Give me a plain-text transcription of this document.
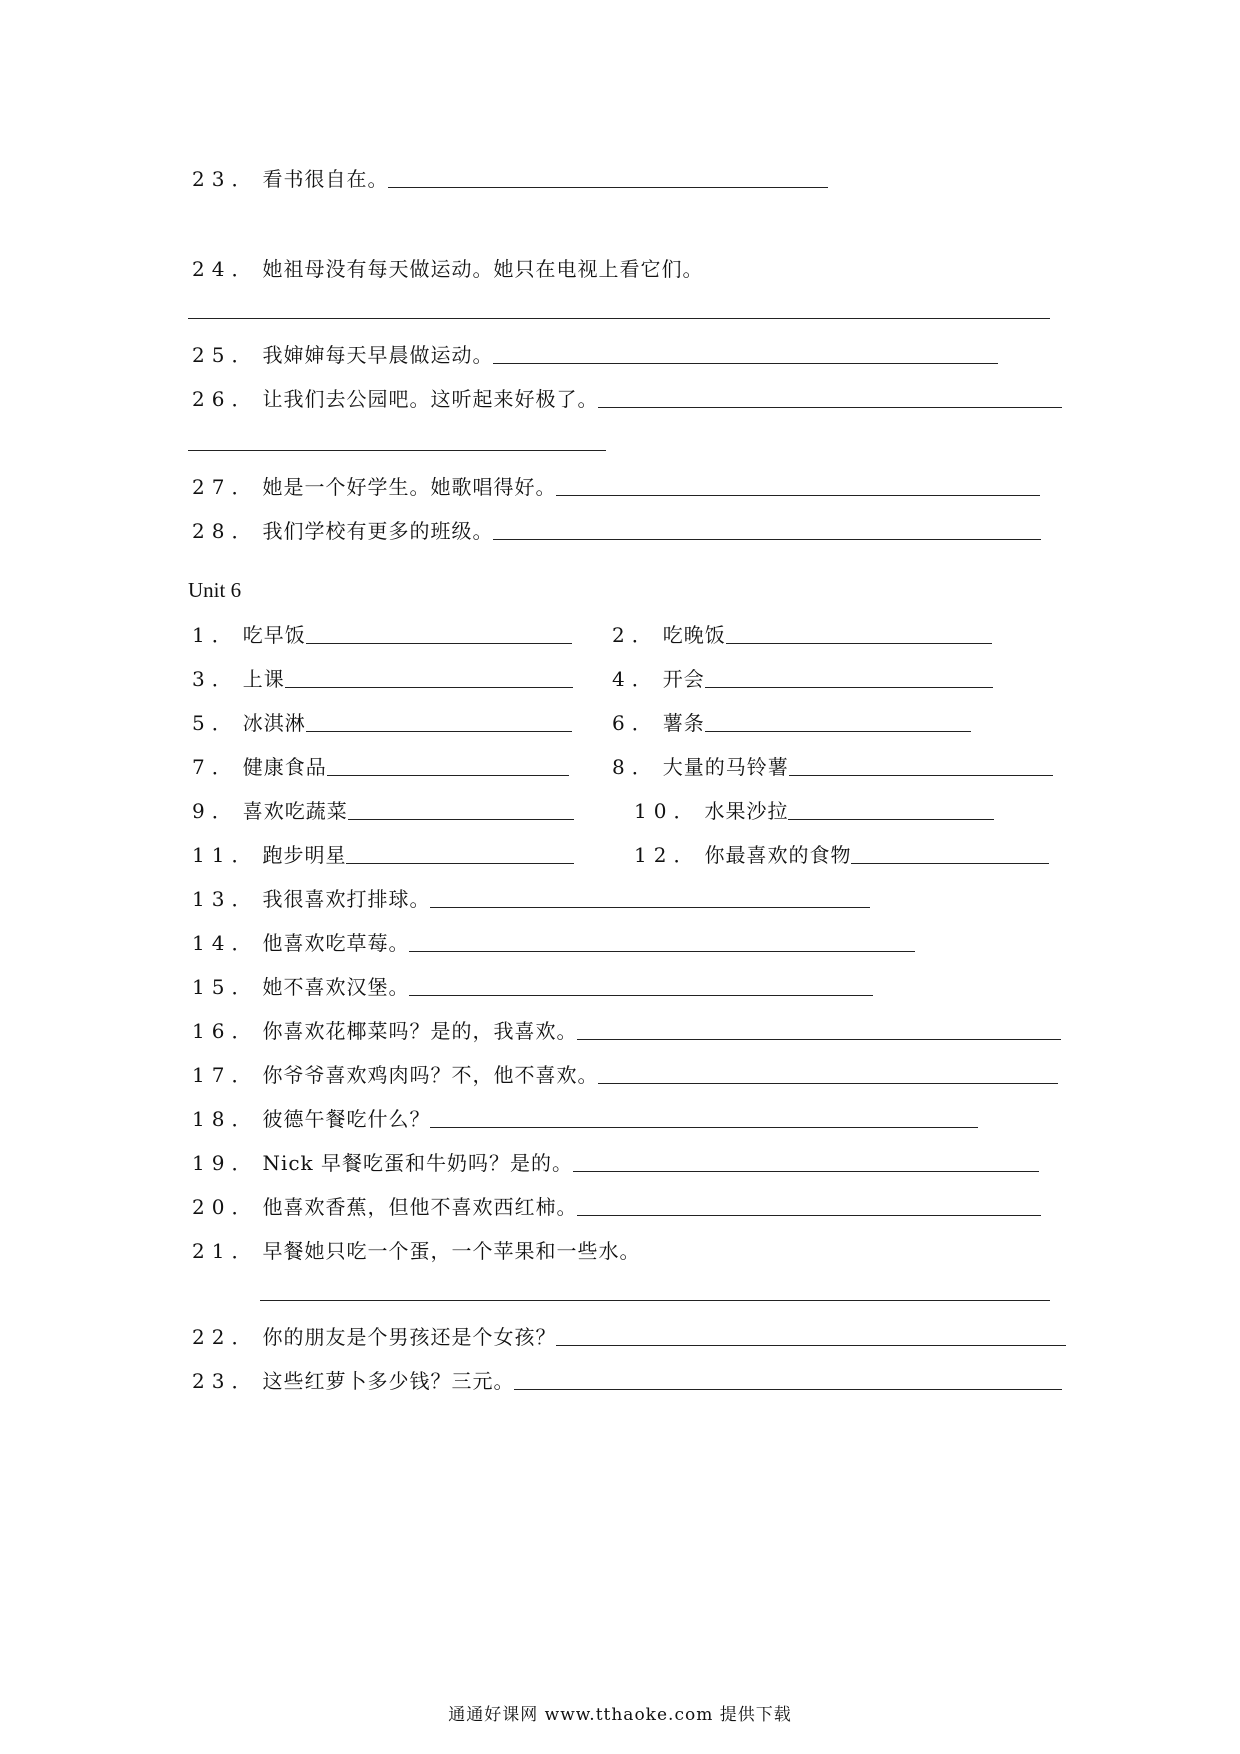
23． 看书很自在。
24． 她祖母没有每天做运动。她只在电视上看它们。
25． 我婶婶每天早晨做运动。
26． 让我们去公园吧。这听起来好极了。
27． 她是一个好学生。她歌唱得好。
28． 我们学校有更多的班级。
Unit 6
1． 吃早饭	2． 吃晚饭
3． 上课	4． 开会
5． 冰淇淋	6． 薯条
7． 健康食品	8． 大量的马铃薯
9． 喜欢吃蔬菜	10． 水果沙拉
11． 跑步明星	12． 你最喜欢的食物
13． 我很喜欢打排球。
14． 他喜欢吃草莓。
15． 她不喜欢汉堡。
16． 你喜欢花椰菜吗？是的，我喜欢。
17． 你爷爷喜欢鸡肉吗？不，他不喜欢。
18． 彼德午餐吃什么？
19． Nick 早餐吃蛋和牛奶吗？是的。
20． 他喜欢香蕉，但他不喜欢西红柿。
21． 早餐她只吃一个蛋，一个苹果和一些水。
22． 你的朋友是个男孩还是个女孩？
23． 这些红萝卜多少钱？三元。
通通好课网 www.tthaoke.com 提供下载
